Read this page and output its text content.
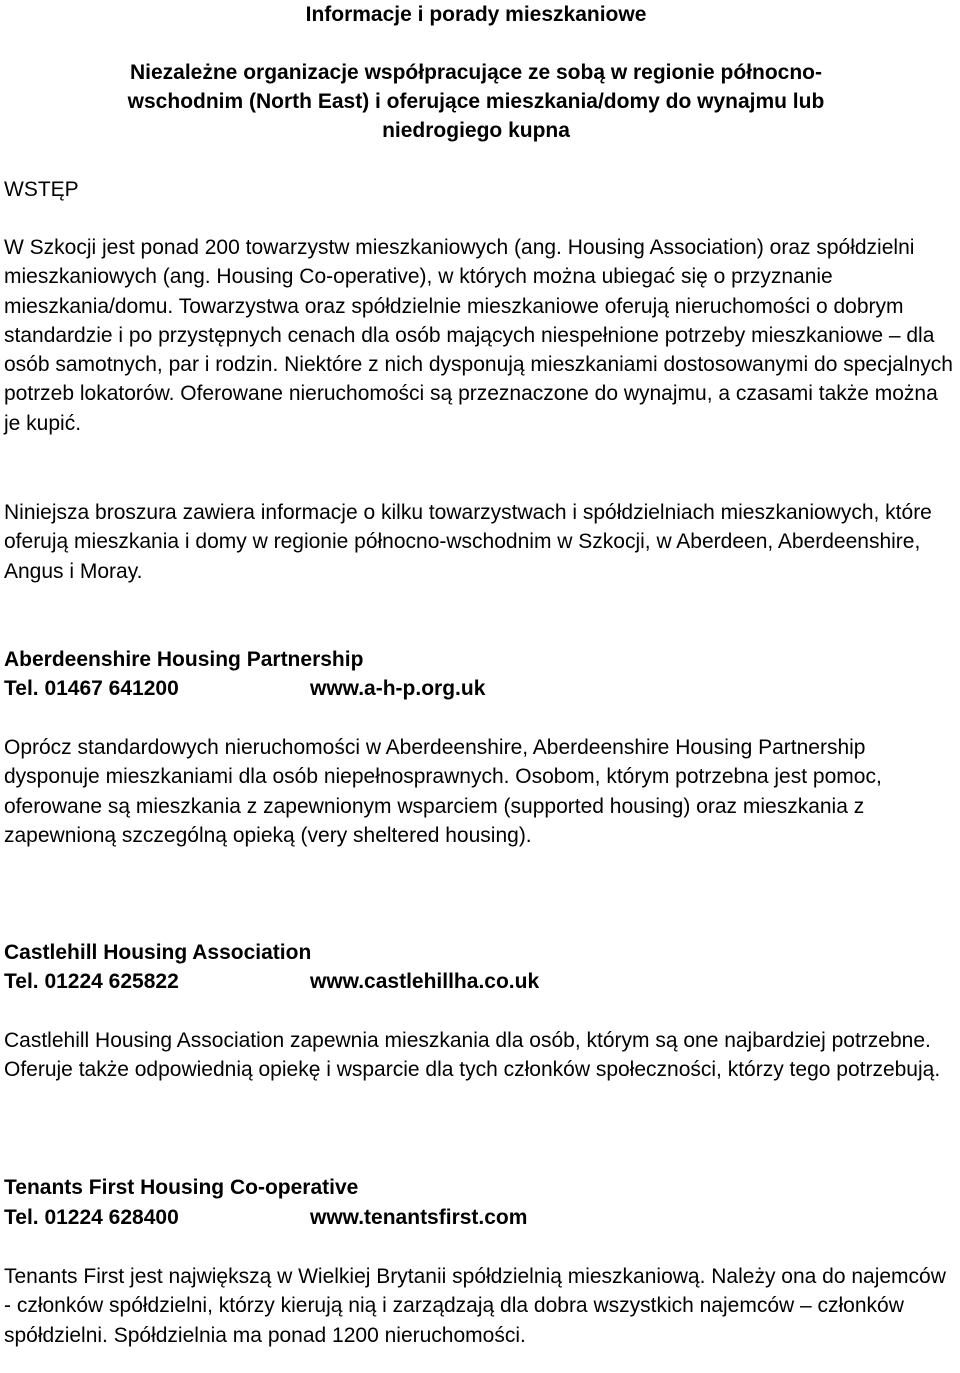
Informacje i porady mieszkaniowe
Niezależne organizacje współpracujące ze sobą w regionie północno-wschodnim (North East) i oferujące mieszkania/domy do wynajmu lub niedrogiego kupna
WSTĘP

W Szkocji jest ponad 200 towarzystw mieszkaniowych (ang. Housing Association) oraz spółdzielni mieszkaniowych (ang. Housing Co-operative), w których można ubiegać się o przyznanie mieszkania/domu. Towarzystwa oraz spółdzielnie mieszkaniowe oferują nieruchomości o dobrym standardzie i po przystępnych cenach dla osób mających niespełnione potrzeby mieszkaniowe – dla osób samotnych, par i rodzin. Niektóre z nich dysponują mieszkaniami dostosowanymi do specjalnych potrzeb lokatorów. Oferowane nieruchomości są przeznaczone do wynajmu, a czasami także można je kupić.

Niniejsza broszura zawiera informacje o kilku towarzystwach i spółdzielniach mieszkaniowych, które oferują mieszkania i domy w regionie północno-wschodnim w Szkocji, w Aberdeen, Aberdeenshire, Angus i Moray.

Aberdeenshire Housing Partnership
Tel. 01467 641200	www.a-h-p.org.uk

Oprócz standardowych nieruchomości w Aberdeenshire, Aberdeenshire Housing Partnership dysponuje mieszkaniami dla osób niepełnosprawnych. Osobom, którym potrzebna jest pomoc, oferowane są mieszkania z zapewnionym wsparciem (supported housing) oraz mieszkania z zapewnioną szczególną opieką (very sheltered housing).

Castlehill Housing Association
Tel. 01224 625822	www.castlehillha.co.uk

Castlehill Housing Association zapewnia mieszkania dla osób, którym są one najbardziej potrzebne. Oferuje także odpowiednią opiekę i wsparcie dla tych członków społeczności, którzy tego potrzebują.

Tenants First Housing Co-operative
Tel. 01224 628400	www.tenantsfirst.com

Tenants First jest największą w Wielkiej Brytanii spółdzielnią mieszkaniową. Należy ona do najemców - członków spółdzielni, którzy kierują nią i zarządzają dla dobra wszystkich najemców – członków spółdzielni. Spółdzielnia ma ponad 1200 nieruchomości.
